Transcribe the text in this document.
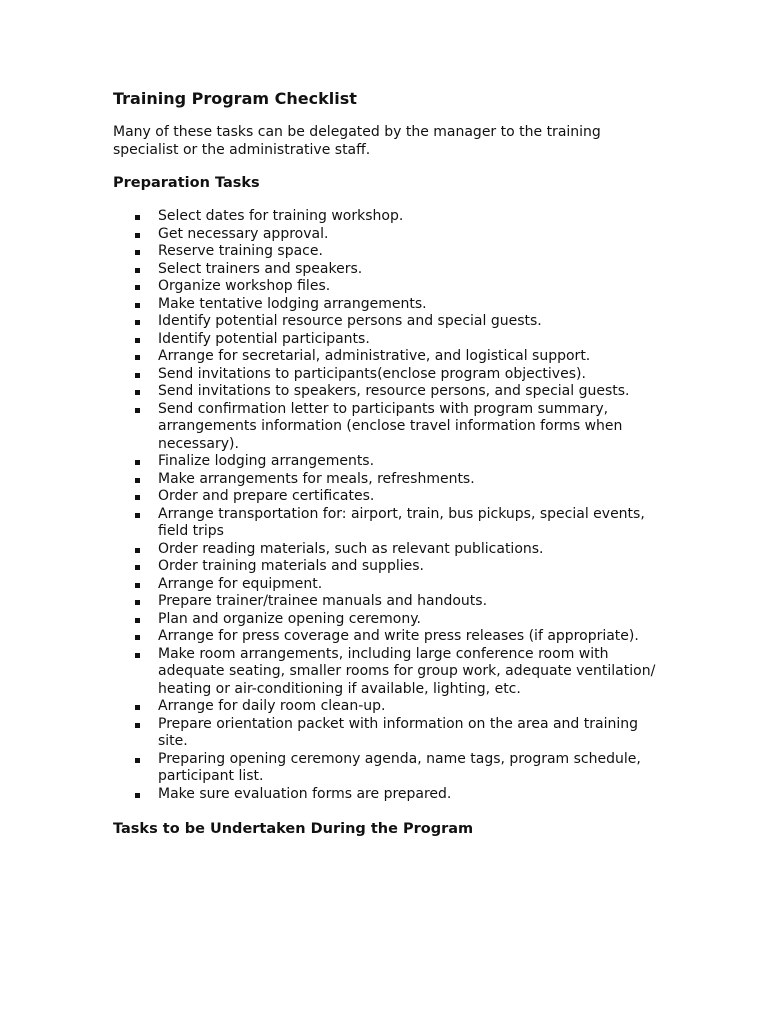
Training Program Checklist

Many of these tasks can be delegated by the manager to the training specialist or the administrative staff.

Preparation Tasks
Select dates for training workshop.
Get necessary approval.
Reserve training space.
Select trainers and speakers.
Organize workshop files.
Make tentative lodging arrangements.
Identify potential resource persons and special guests.
Identify potential participants.
Arrange for secretarial, administrative, and logistical support.
Send invitations to participants(enclose program objectives).
Send invitations to speakers, resource persons, and special guests.
Send confirmation letter to participants with program summary, arrangements information (enclose travel information forms when necessary).
Finalize lodging arrangements.
Make arrangements for meals, refreshments.
Order and prepare certificates.
Arrange transportation for: airport, train, bus pickups, special events, field trips
Order reading materials, such as relevant publications.
Order training materials and supplies.
Arrange for equipment.
Prepare trainer/trainee manuals and handouts.
Plan and organize opening ceremony.
Arrange for press coverage and write press releases (if appropriate).
Make room arrangements, including large conference room with adequate seating, smaller rooms for group work, adequate ventilation/ heating or air-conditioning if available, lighting, etc.
Arrange for daily room clean-up.
Prepare orientation packet with information on the area and training site.
Preparing opening ceremony agenda, name tags, program schedule, participant list.
Make sure evaluation forms are prepared.
Tasks to be Undertaken During the Program
